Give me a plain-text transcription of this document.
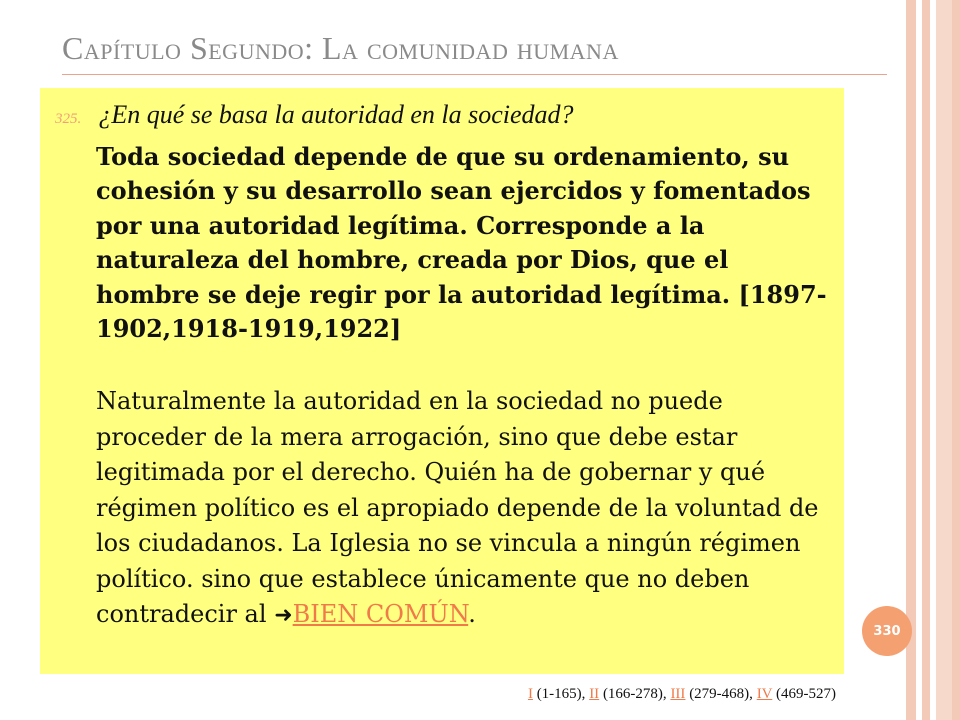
Capítulo Segundo: La comunidad humana
325. ¿En qué se basa la autoridad en la sociedad?

Toda sociedad depende de que su ordenamiento, su cohesión y su desarrollo sean ejercidos y fomentados por una autoridad legítima. Corresponde a la naturaleza del hombre, creada por Dios, que el hombre se deje regir por la autoridad legítima. [1897-1902,1918-1919,1922]

Naturalmente la autoridad en la sociedad no puede proceder de la mera arrogación, sino que debe estar legitimada por el derecho. Quién ha de gobernar y qué régimen político es el apropiado depende de la voluntad de los ciudadanos. La Iglesia no se vincula a ningún régimen político. sino que establece únicamente que no deben contradecir al ➜BIEN COMÚN.

I (1-165), II (166-278), III (279-468), IV (469-527)
330
